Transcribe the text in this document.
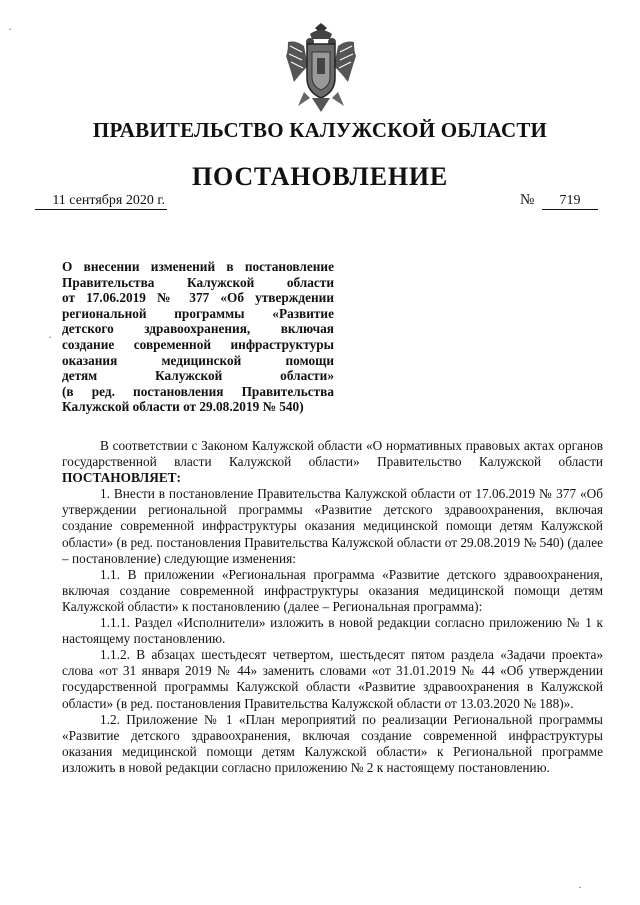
ПРАВИТЕЛЬСТВО КАЛУЖСКОЙ ОБЛАСТИ
ПОСТАНОВЛЕНИЕ
11 сентября 2020 г.	№	719
О внесении изменений в постановление
Правительства Калужской области
от 17.06.2019 № 377 «Об утверждении
региональной программы «Развитие
детского здравоохранения, включая
создание современной инфраструктуры
оказания медицинской помощи
детям Калужской области»
(в ред. постановления Правительства
Калужской области от 29.08.2019 № 540)

В соответствии с Законом Калужской области «О нормативных правовых актах органов государственной власти Калужской области» Правительство Калужской области ПОСТАНОВЛЯЕТ:

1. Внести в постановление Правительства Калужской области от 17.06.2019 № 377 «Об утверждении региональной программы «Развитие детского здравоохранения, включая создание современной инфраструктуры оказания медицинской помощи детям Калужской области» (в ред. постановления Правительства Калужской области от 29.08.2019 № 540) (далее – постановление) следующие изменения:

1.1. В приложении «Региональная программа «Развитие детского здравоохранения, включая создание современной инфраструктуры оказания медицинской помощи детям Калужской области» к постановлению (далее – Региональная программа):

1.1.1. Раздел «Исполнители» изложить в новой редакции согласно приложению № 1 к настоящему постановлению.

1.1.2. В абзацах шестьдесят четвертом, шестьдесят пятом раздела «Задачи проекта» слова «от 31 января 2019 № 44» заменить словами «от 31.01.2019 № 44 «Об утверждении государственной программы Калужской области «Развитие здравоохранения в Калужской области» (в ред. постановления Правительства Калужской области от 13.03.2020 № 188)».

1.2. Приложение № 1 «План мероприятий по реализации Региональной программы «Развитие детского здравоохранения, включая создание современной инфраструктуры оказания медицинской помощи детям Калужской области» к Региональной программе изложить в новой редакции согласно приложению № 2 к настоящему постановлению.

·
·
·
